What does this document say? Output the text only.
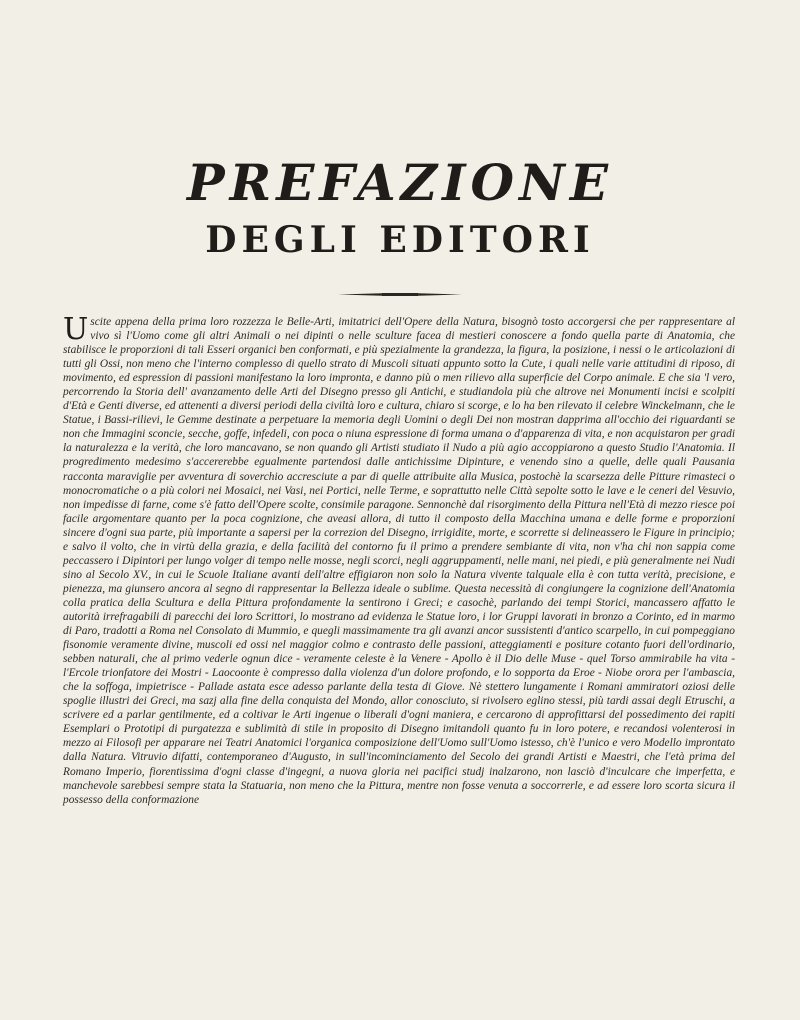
PREFAZIONE
DEGLI EDITORI

Uscite appena della prima loro rozzezza le Belle-Arti, imitatrici dell'Opere della Natura, bisognò tosto accorgersi che per rappresentare al vivo sì l'Uomo come gli altri Animali o nei dipinti o nelle sculture facea di mestieri conoscere a fondo quella parte di Anatomia, che stabilisce le proporzioni di tali Esseri organici ben conformati, e più spezialmente la grandezza, la figura, la posizione, i nessi o le articolazioni di tutti gli Ossi, non meno che l'interno complesso di quello strato di Muscoli situati appunto sotto la Cute, i quali nelle varie attitudini di riposo, di movimento, ed espression di passioni manifestano la loro impronta, e danno più o men rilievo alla superficie del Corpo animale. E che sia 'l vero, percorrendo la Storia dell' avanzamento delle Arti del Disegno presso gli Antichi, e studiandola più che altrove nei Monumenti incisi e scolpiti d'Età e Genti diverse, ed attenenti a diversi periodi della civiltà loro e cultura, chiaro si scorge, e lo ha ben rilevato il celebre Winckelmann, che le Statue, i Bassi-rilievi, le Gemme destinate a perpetuare la memoria degli Uomini o degli Dei non mostran dapprima all'occhio dei riguardanti se non che Immagini sconcie, secche, goffe, infedeli, con poca o niuna espressione di forma umana o d'apparenza di vita, e non acquistaron per gradi la naturalezza e la verità, che loro mancavano, se non quando gli Artisti studiato il Nudo a più agio accoppiarono a questo Studio l'Anatomia. Il progredimento medesimo s'accererebbe egualmente partendosi dalle antichissime Dipinture, e venendo sino a quelle, delle quali Pausania racconta maraviglie per avventura di soverchio accresciute a par di quelle attribuite alla Musica, postochè la scarsezza delle Pitture rimasteci o monocromatiche o a più colori nei Mosaici, nei Vasi, nei Portici, nelle Terme, e soprattutto nelle Città sepolte sotto le lave e le ceneri del Vesuvio, non impedisse di farne, come s'è fatto dell'Opere scolte, consimile paragone. Sennonchè dal risorgimento della Pittura nell'Età di mezzo riesce poi facile argomentare quanto per la poca cognizione, che aveasi allora, di tutto il composto della Macchina umana e delle forme e proporzioni sincere d'ogni sua parte, più importante a sapersi per la correzion del Disegno, irrigidite, morte, e scorrette si delineassero le Figure in principio; e salvo il volto, che in virtù della grazia, e della facilità del contorno fu il primo a prendere sembiante di vita, non v'ha chi non sappia come peccassero i Dipintori per lungo volger di tempo nelle mosse, negli scorci, negli aggruppamenti, nelle mani, nei piedi, e più generalmente nei Nudi sino al Secolo XV., in cui le Scuole Italiane avanti dell'altre effigiaron non solo la Natura vivente talquale ella è con tutta verità, precisione, e pienezza, ma giunsero ancora al segno di rappresentar la Bellezza ideale o sublime. Questa necessità di congiungere la cognizione dell'Anatomia colla pratica della Scultura e della Pittura profondamente la sentirono i Greci; e casochè, parlando dei tempi Storici, mancassero affatto le autorità irrefragabili di parecchi dei loro Scrittori, lo mostrano ad evidenza le Statue loro, i lor Gruppi lavorati in bronzo a Corinto, ed in marmo di Paro, tradotti a Roma nel Consolato di Mummio, e quegli massimamente tra gli avanzi ancor sussistenti d'antico scarpello, in cui pompeggiano fisonomie veramente divine, muscoli ed ossi nel maggior colmo e contrasto delle passioni, atteggiamenti e positure cotanto fuori dell'ordinario, sebben naturali, che al primo vederle ognun dice - veramente celeste è la Venere - Apollo è il Dio delle Muse - quel Torso ammirabile ha vita - l'Ercole trionfatore dei Mostri - Laocoonte è compresso dalla violenza d'un dolore profondo, e lo sopporta da Eroe - Niobe orora per l'ambascia, che la soffoga, impietrisce - Pallade astata esce adesso parlante della testa di Giove. Nè stettero lungamente i Romani ammiratori oziosi delle spoglie illustri dei Greci, ma sazj alla fine della conquista del Mondo, allor conosciuto, si rivolsero eglino stessi, più tardi assai degli Etruschi, a scrivere ed a parlar gentilmente, ed a coltivar le Arti ingenue o liberali d'ogni maniera, e cercarono di approfittarsi del possedimento dei rapiti Esemplari o Prototipi di purgatezza e sublimità di stile in proposito di Disegno imitandoli quanto fu in loro potere, e recandosi volenterosi in mezzo ai Filosofi per apparare nei Teatri Anatomici l'organica composizione dell'Uomo sull'Uomo istesso, ch'è l'unico e vero Modello improntato dalla Natura. Vitruvio difatti, contemporaneo d'Augusto, in sull'incominciamento del Secolo dei grandi Artisti e Maestri, che l'età prima del Romano Imperio, fiorentissima d'ogni classe d'ingegni, a nuova gloria nei pacifici studj inalzarono, non lasciò d'inculcare che imperfetta, e manchevole sarebbesi sempre stata la Statuaria, non meno che la Pittura, mentre non fosse venuta a soccorrerle, e ad essere loro scorta sicura il possesso della conformazione
